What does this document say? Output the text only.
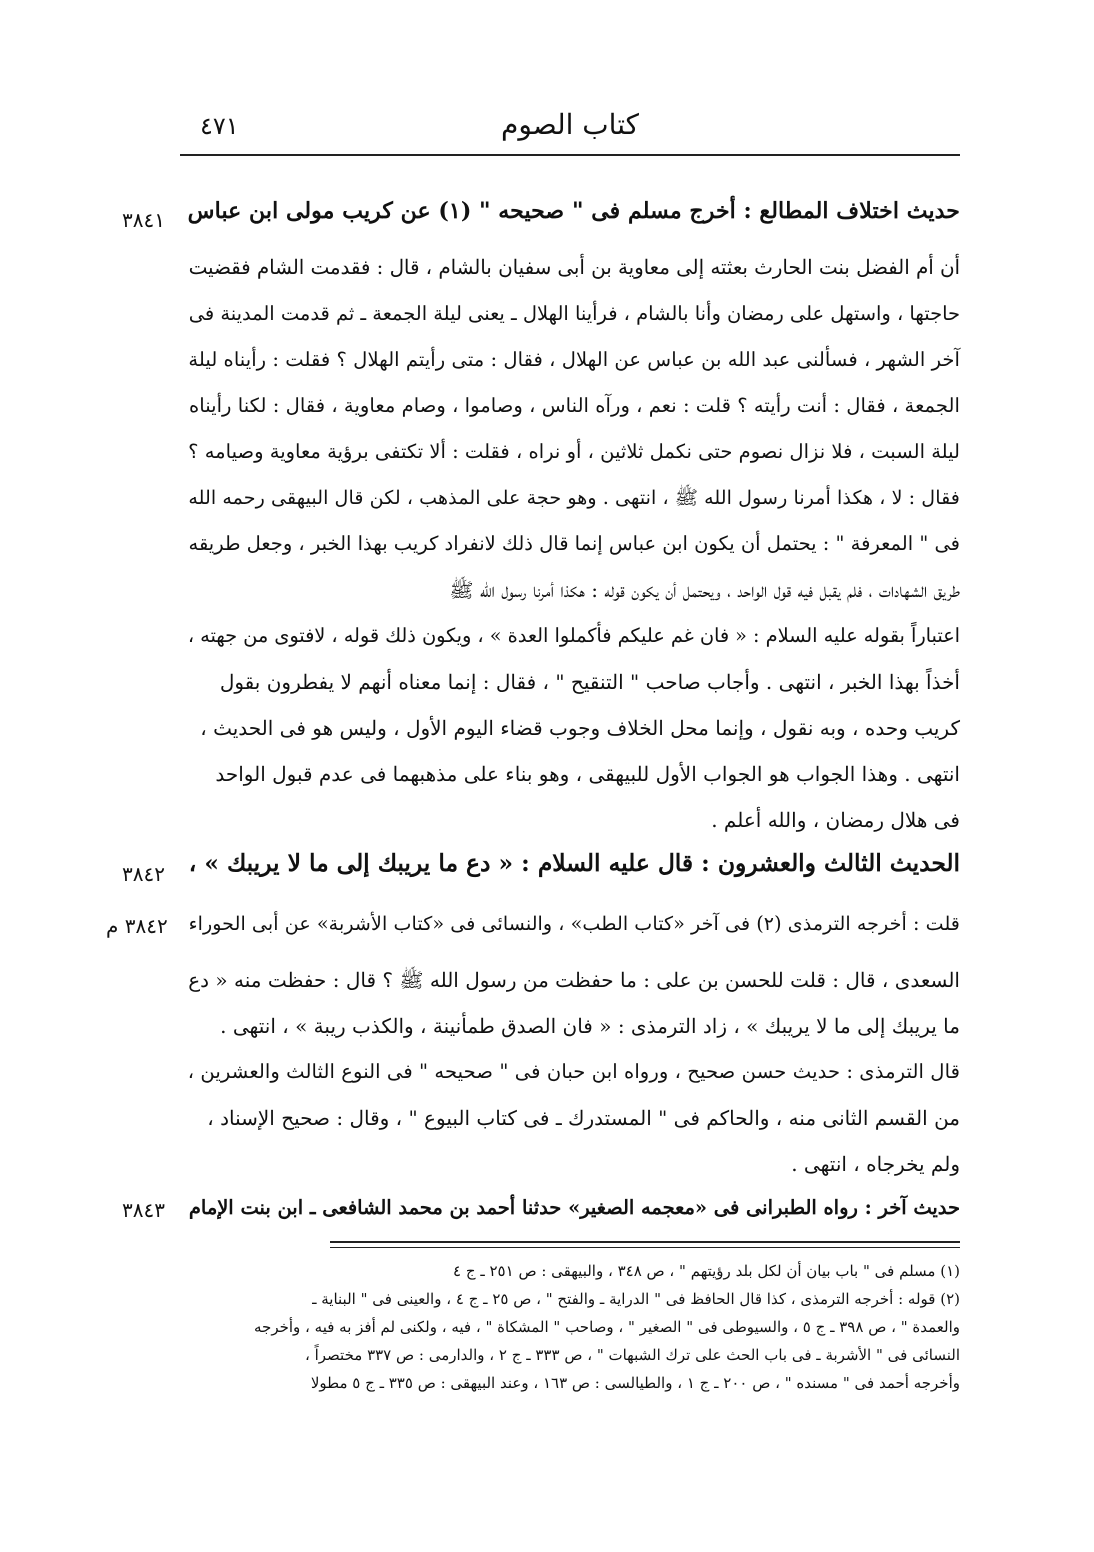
٤٧١	كتاب الصوم
٣٨٤١ حديث اختلاف المطالع : أخرج مسلم فى " صحيحه " (١) عن كريب مولى ابن عباس
أن أم الفضل بنت الحارث بعثته إلى معاوية بن أبى سفيان بالشام ، قال : فقدمت الشام فقضيت
حاجتها ، واستهل على رمضان وأنا بالشام ، فرأينا الهلال ـ يعنى ليلة الجمعة ـ ثم قدمت المدينة فى
آخر الشهر ، فسألنى عبد الله بن عباس عن الهلال ، فقال : متى رأيتم الهلال ؟ فقلت : رأيناه ليلة
الجمعة ، فقال : أنت رأيته ؟ قلت : نعم ، ورآه الناس ، وصاموا ، وصام معاوية ، فقال : لكنا رأيناه
ليلة السبت ، فلا نزال نصوم حتى نكمل ثلاثين ، أو نراه ، فقلت : ألا تكتفى برؤية معاوية وصيامه ؟
فقال : لا ، هكذا أمرنا رسول الله ﷺ ، انتهى . وهو حجة على المذهب ، لكن قال البيهقى رحمه الله
فى " المعرفة " : يحتمل أن يكون ابن عباس إنما قال ذلك لانفراد كريب بهذا الخبر ، وجعل طريقه
طريق الشهادات ، فلم يقبل فيه قول الواحد ، ويحتمل أن يكون قوله : هكذا أمرنا رسول الله ﷺ
اعتباراً بقوله عليه السلام : « فان غم عليكم فأكملوا العدة » ، ويكون ذلك قوله ، لافتوى من جهته ،
أخذاً بهذا الخبر ، انتهى . وأجاب صاحب " التنقيح " ، فقال : إنما معناه أنهم لا يفطرون بقول
كريب وحده ، وبه نقول ، وإنما محل الخلاف وجوب قضاء اليوم الأول ، وليس هو فى الحديث ،
انتهى . وهذا الجواب هو الجواب الأول للبيهقى ، وهو بناء على مذهبهما فى عدم قبول الواحد
فى هلال رمضان ، والله أعلم .
٣٨٤٢ الحديث الثالث والعشرون : قال عليه السلام : « دع ما يريبك إلى ما لا يريبك » ،
٣٨٤٢ م قلت : أخرجه الترمذى (٢) فى آخر «كتاب الطب» ، والنسائى فى «كتاب الأشربة» عن أبى الحوراء
السعدى ، قال : قلت للحسن بن على : ما حفظت من رسول الله ﷺ ؟ قال : حفظت منه « دع
ما يريبك إلى ما لا يريبك » ، زاد الترمذى : « فان الصدق طمأنينة ، والكذب ريبة » ، انتهى .
قال الترمذى : حديث حسن صحيح ، ورواه ابن حبان فى " صحيحه " فى النوع الثالث والعشرين ،
من القسم الثانى منه ، والحاكم فى " المستدرك ـ فى كتاب البيوع " ، وقال : صحيح الإسناد ،
ولم يخرجاه ، انتهى .
٣٨٤٣ حديث آخر : رواه الطبرانى فى «معجمه الصغير» حدثنا أحمد بن محمد الشافعى ـ ابن بنت الإمام
(١) مسلم فى " باب بيان أن لكل بلد رؤيتهم " ، ص ٣٤٨ ، والبيهقى : ص ٢٥١ ـ ج ٤
(٢) قوله : أخرجه الترمذى ، كذا قال الحافظ فى " الدراية ـ والفتح " ، ص ٢٥ ـ ج ٤ ، والعينى فى " البناية ـ
والعمدة " ، ص ٣٩٨ ـ ج ٥ ، والسيوطى فى " الصغير " ، وصاحب " المشكاة " ، فيه ، ولكنى لم أفز به فيه ، وأخرجه
النسائى فى " الأشربة ـ فى باب الحث على ترك الشبهات " ، ص ٣٣٣ ـ ج ٢ ، والدارمى : ص ٣٣٧ مختصراً ،
وأخرجه أحمد فى " مسنده " ، ص ٢٠٠ ـ ج ١ ، والطيالسى : ص ١٦٣ ، وعند البيهقى : ص ٣٣٥ ـ ج ٥ مطولا
